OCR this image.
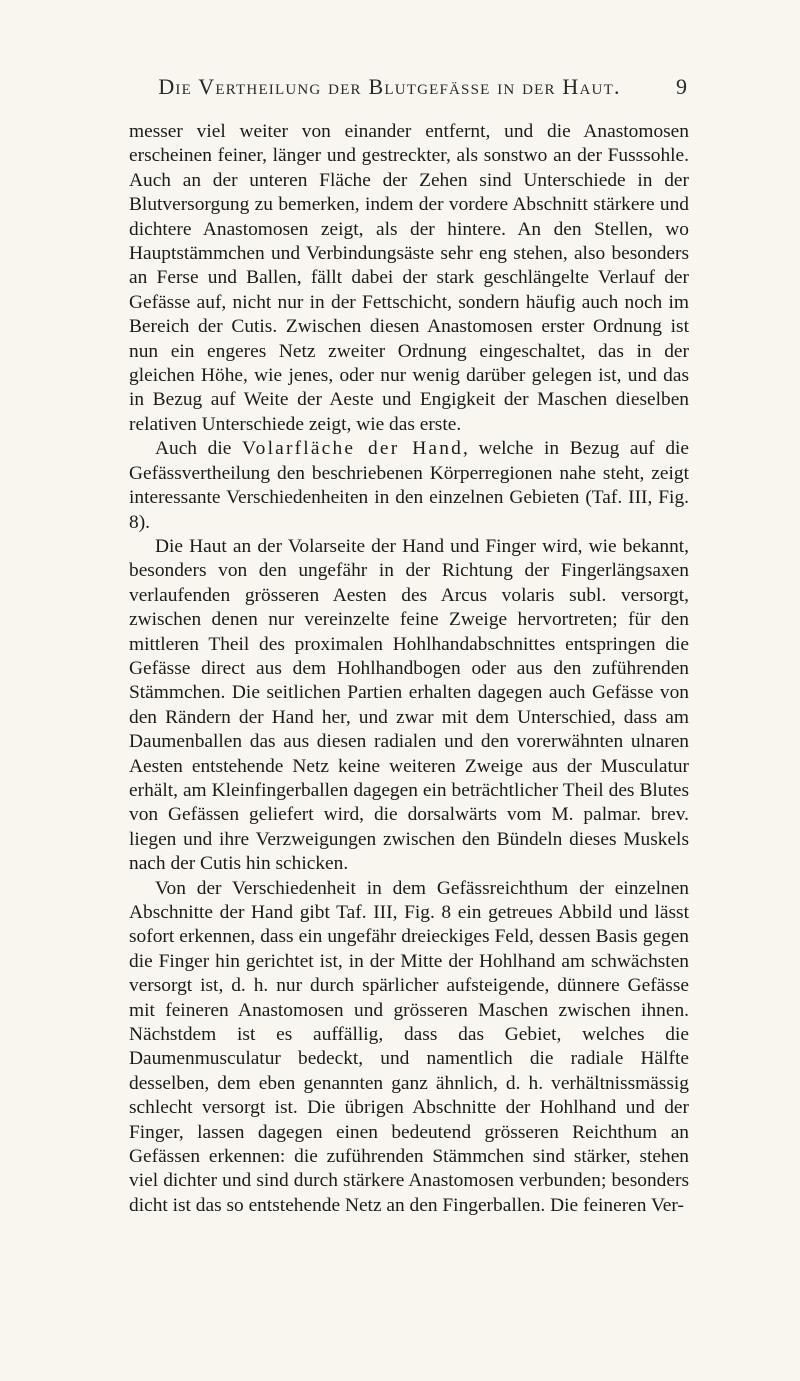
Die Vertheilung der Blutgefässe in der Haut.	9

messer viel weiter von einander entfernt, und die Anastomosen erscheinen feiner, länger und gestreckter, als sonstwo an der Fusssohle. Auch an der unteren Fläche der Zehen sind Unterschiede in der Blutversorgung zu bemerken, indem der vordere Abschnitt stärkere und dichtere Anastomosen zeigt, als der hintere. An den Stellen, wo Hauptstämmchen und Verbindungsäste sehr eng stehen, also besonders an Ferse und Ballen, fällt dabei der stark geschlängelte Verlauf der Gefässe auf, nicht nur in der Fettschicht, sondern häufig auch noch im Bereich der Cutis. Zwischen diesen Anastomosen erster Ordnung ist nun ein engeres Netz zweiter Ordnung eingeschaltet, das in der gleichen Höhe, wie jenes, oder nur wenig darüber gelegen ist, und das in Bezug auf Weite der Aeste und Engigkeit der Maschen dieselben relativen Unterschiede zeigt, wie das erste.

Auch die Volarfläche der Hand, welche in Bezug auf die Gefässvertheilung den beschriebenen Körperregionen nahe steht, zeigt interessante Verschiedenheiten in den einzelnen Gebieten (Taf. III, Fig. 8).

Die Haut an der Volarseite der Hand und Finger wird, wie bekannt, besonders von den ungefähr in der Richtung der Fingerlängsaxen verlaufenden grösseren Aesten des Arcus volaris subl. versorgt, zwischen denen nur vereinzelte feine Zweige hervortreten; für den mittleren Theil des proximalen Hohlhandabschnittes entspringen die Gefässe direct aus dem Hohlhandbogen oder aus den zuführenden Stämmchen. Die seitlichen Partien erhalten dagegen auch Gefässe von den Rändern der Hand her, und zwar mit dem Unterschied, dass am Daumenballen das aus diesen radialen und den vorerwähnten ulnaren Aesten entstehende Netz keine weiteren Zweige aus der Musculatur erhält, am Kleinfingerballen dagegen ein beträchtlicher Theil des Blutes von Gefässen geliefert wird, die dorsalwärts vom M. palmar. brev. liegen und ihre Verzweigungen zwischen den Bündeln dieses Muskels nach der Cutis hin schicken.

Von der Verschiedenheit in dem Gefässreichthum der einzelnen Abschnitte der Hand gibt Taf. III, Fig. 8 ein getreues Abbild und lässt sofort erkennen, dass ein ungefähr dreieckiges Feld, dessen Basis gegen die Finger hin gerichtet ist, in der Mitte der Hohlhand am schwächsten versorgt ist, d. h. nur durch spärlicher aufsteigende, dünnere Gefässe mit feineren Anastomosen und grösseren Maschen zwischen ihnen. Nächstdem ist es auffällig, dass das Gebiet, welches die Daumenmusculatur bedeckt, und namentlich die radiale Hälfte desselben, dem eben genannten ganz ähnlich, d. h. verhältnissmässig schlecht versorgt ist. Die übrigen Abschnitte der Hohlhand und der Finger, lassen dagegen einen bedeutend grösseren Reichthum an Gefässen erkennen: die zuführenden Stämmchen sind stärker, stehen viel dichter und sind durch stärkere Anastomosen verbunden; besonders dicht ist das so entstehende Netz an den Fingerballen. Die feineren Ver-
